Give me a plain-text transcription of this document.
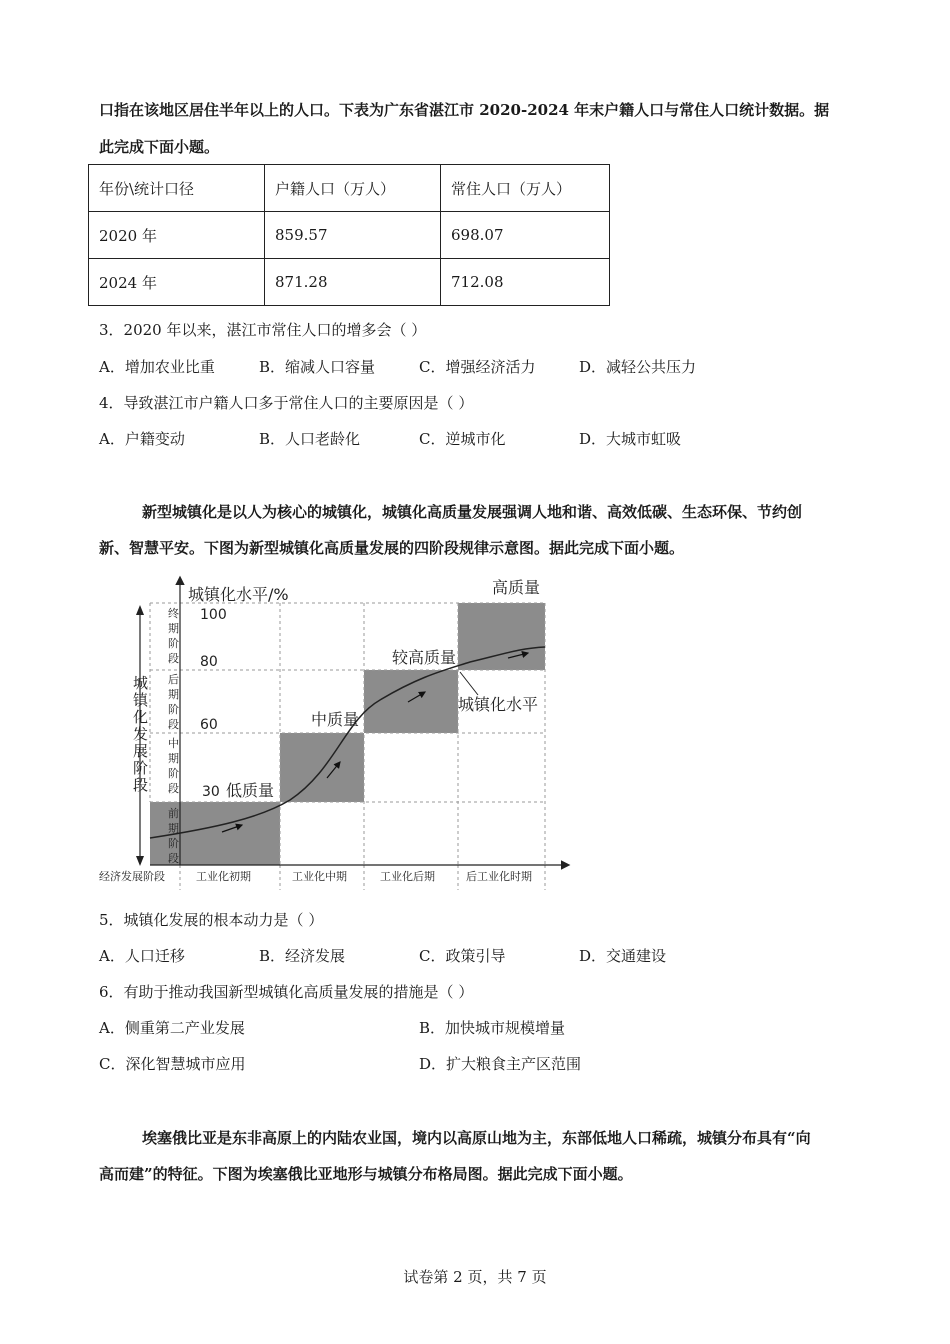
口指在该地区居住半年以上的人口。下表为广东省湛江市 2020-2024 年末户籍人口与常住人口统计数据。据
此完成下面小题。
年份\统计口径	户籍人口（万人）	常住人口（万人）
2020 年	859.57	698.07
2024 年	871.28	712.08
3．2020 年以来，湛江市常住人口的增多会（ ）
A．增加农业比重	B．缩减人口容量	C．增强经济活力	D．减轻公共压力
4．导致湛江市户籍人口多于常住人口的主要原因是（ ）
A．户籍变动	B．人口老龄化	C．逆城市化	D．大城市虹吸
新型城镇化是以人为核心的城镇化，城镇化高质量发展强调人地和谐、高效低碳、生态环保、节约创
新、智慧平安。下图为新型城镇化高质量发展的四阶段规律示意图。据此完成下面小题。
城镇化水平/%
100
80
60
30 低质量
中质量
较高质量
高质量
城镇化水平
城
镇
化
发
展
阶
段
终
期
阶
段
后
期
阶
段
中
期
阶
段
前
期
阶
段
经济发展阶段	工业化初期	工业化中期	工业化后期	后工业化时期
5．城镇化发展的根本动力是（ ）
A．人口迁移	B．经济发展	C．政策引导	D．交通建设
6．有助于推动我国新型城镇化高质量发展的措施是（ ）
A．侧重第二产业发展	B．加快城市规模增量
C．深化智慧城市应用	D．扩大粮食主产区范围
埃塞俄比亚是东非高原上的内陆农业国，境内以高原山地为主，东部低地人口稀疏，城镇分布具有“向
高而建”的特征。下图为埃塞俄比亚地形与城镇分布格局图。据此完成下面小题。
试卷第 2 页，共 7 页
